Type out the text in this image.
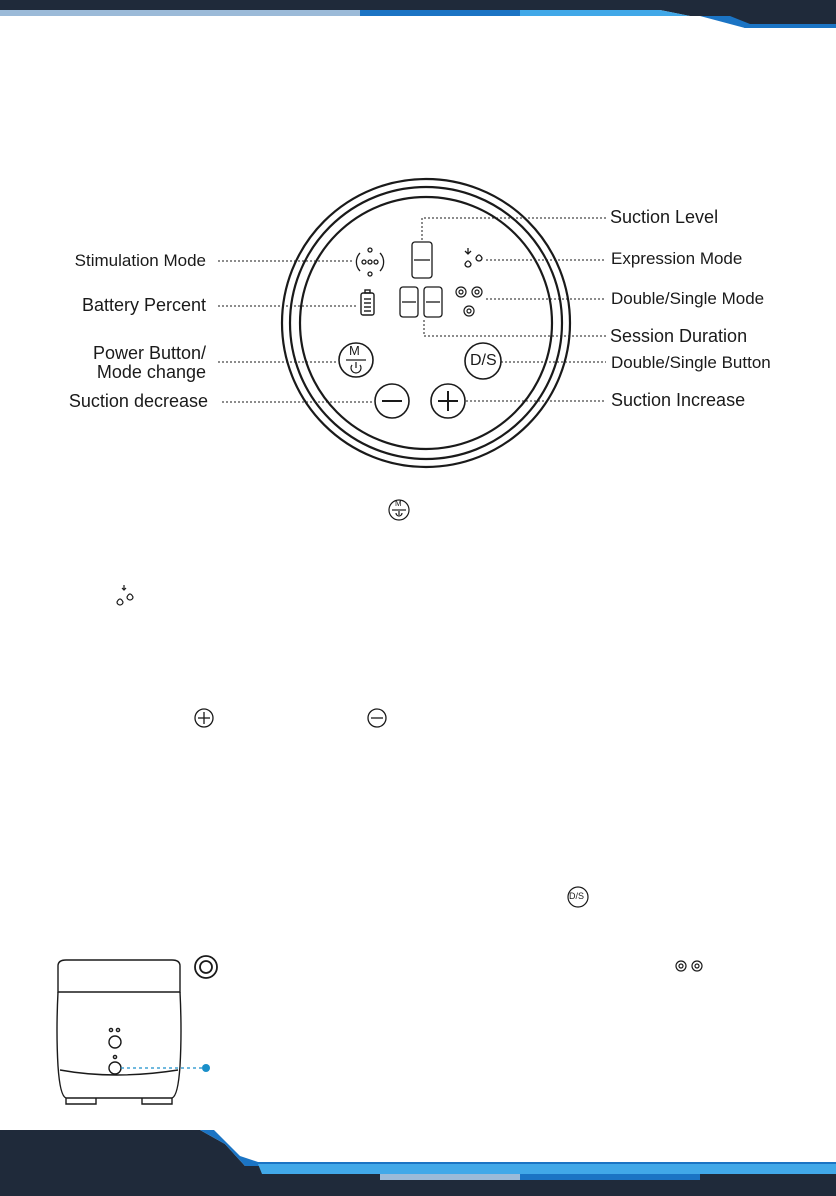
Stimulation Mode
Battery Percent
Power Button/
Mode change
Suction decrease
Suction Level
Expression Mode
Double/Single Mode
Session Duration
Double/Single Button
Suction Increase
M
D/S
D/S
M
